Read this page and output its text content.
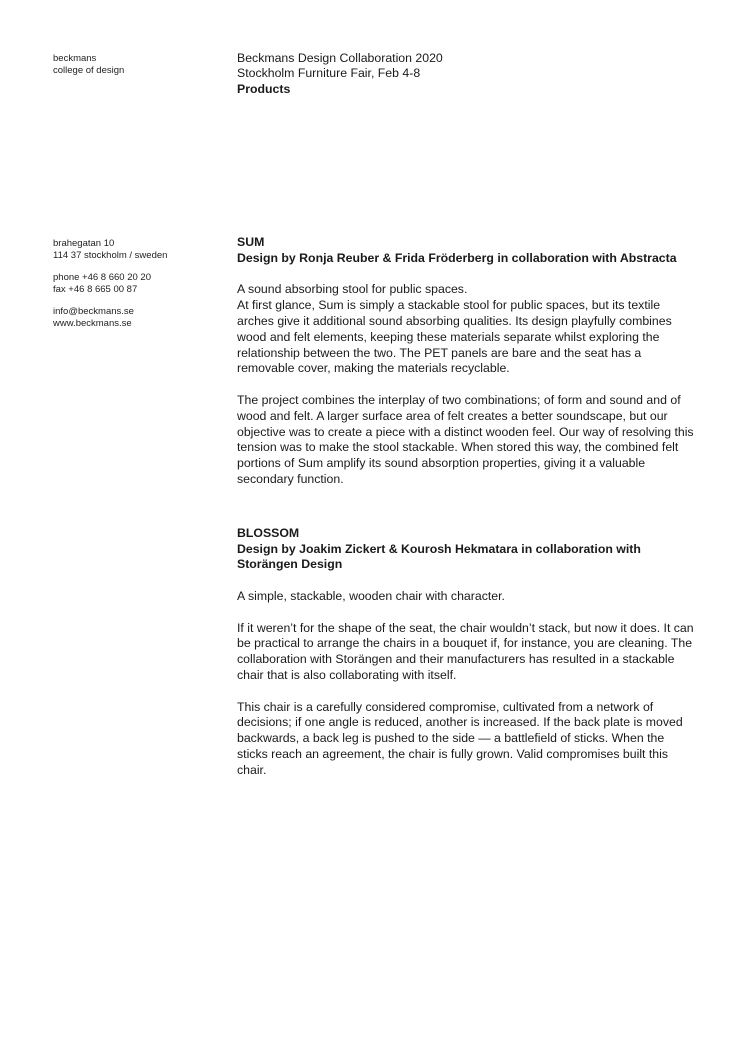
beckmans
college of design
Beckmans Design Collaboration 2020
Stockholm Furniture Fair, Feb 4-8
Products
brahegatan 10
114 37 stockholm / sweden
phone +46 8 660 20 20
fax +46 8 665 00 87
info@beckmans.se
www.beckmans.se

SUM

Design by Ronja Reuber & Frida Fröderberg in collaboration with Abstracta

A sound absorbing stool for public spaces.

At first glance, Sum is simply a stackable stool for public spaces, but its textile arches give it additional sound absorbing qualities. Its design playfully combines wood and felt elements, keeping these materials separate whilst exploring the relationship between the two. The PET panels are bare and the seat has a removable cover, making the materials recyclable.

The project combines the interplay of two combinations; of form and sound and of wood and felt. A larger surface area of felt creates a better soundscape, but our objective was to create a piece with a distinct wooden feel. Our way of resolving this tension was to make the stool stackable. When stored this way, the combined felt portions of Sum amplify its sound absorption properties, giving it a valuable secondary function.

BLOSSOM

Design by Joakim Zickert & Kourosh Hekmatara in collaboration with Storängen Design

A simple, stackable, wooden chair with character.

If it weren’t for the shape of the seat, the chair wouldn’t stack, but now it does. It can be practical to arrange the chairs in a bouquet if, for instance, you are cleaning. The collaboration with Storängen and their manufacturers has resulted in a stackable chair that is also collaborating with itself.

This chair is a carefully considered compromise, cultivated from a network of decisions; if one angle is reduced, another is increased. If the back plate is moved backwards, a back leg is pushed to the side — a battlefield of sticks. When the sticks reach an agreement, the chair is fully grown. Valid compromises built this chair.
